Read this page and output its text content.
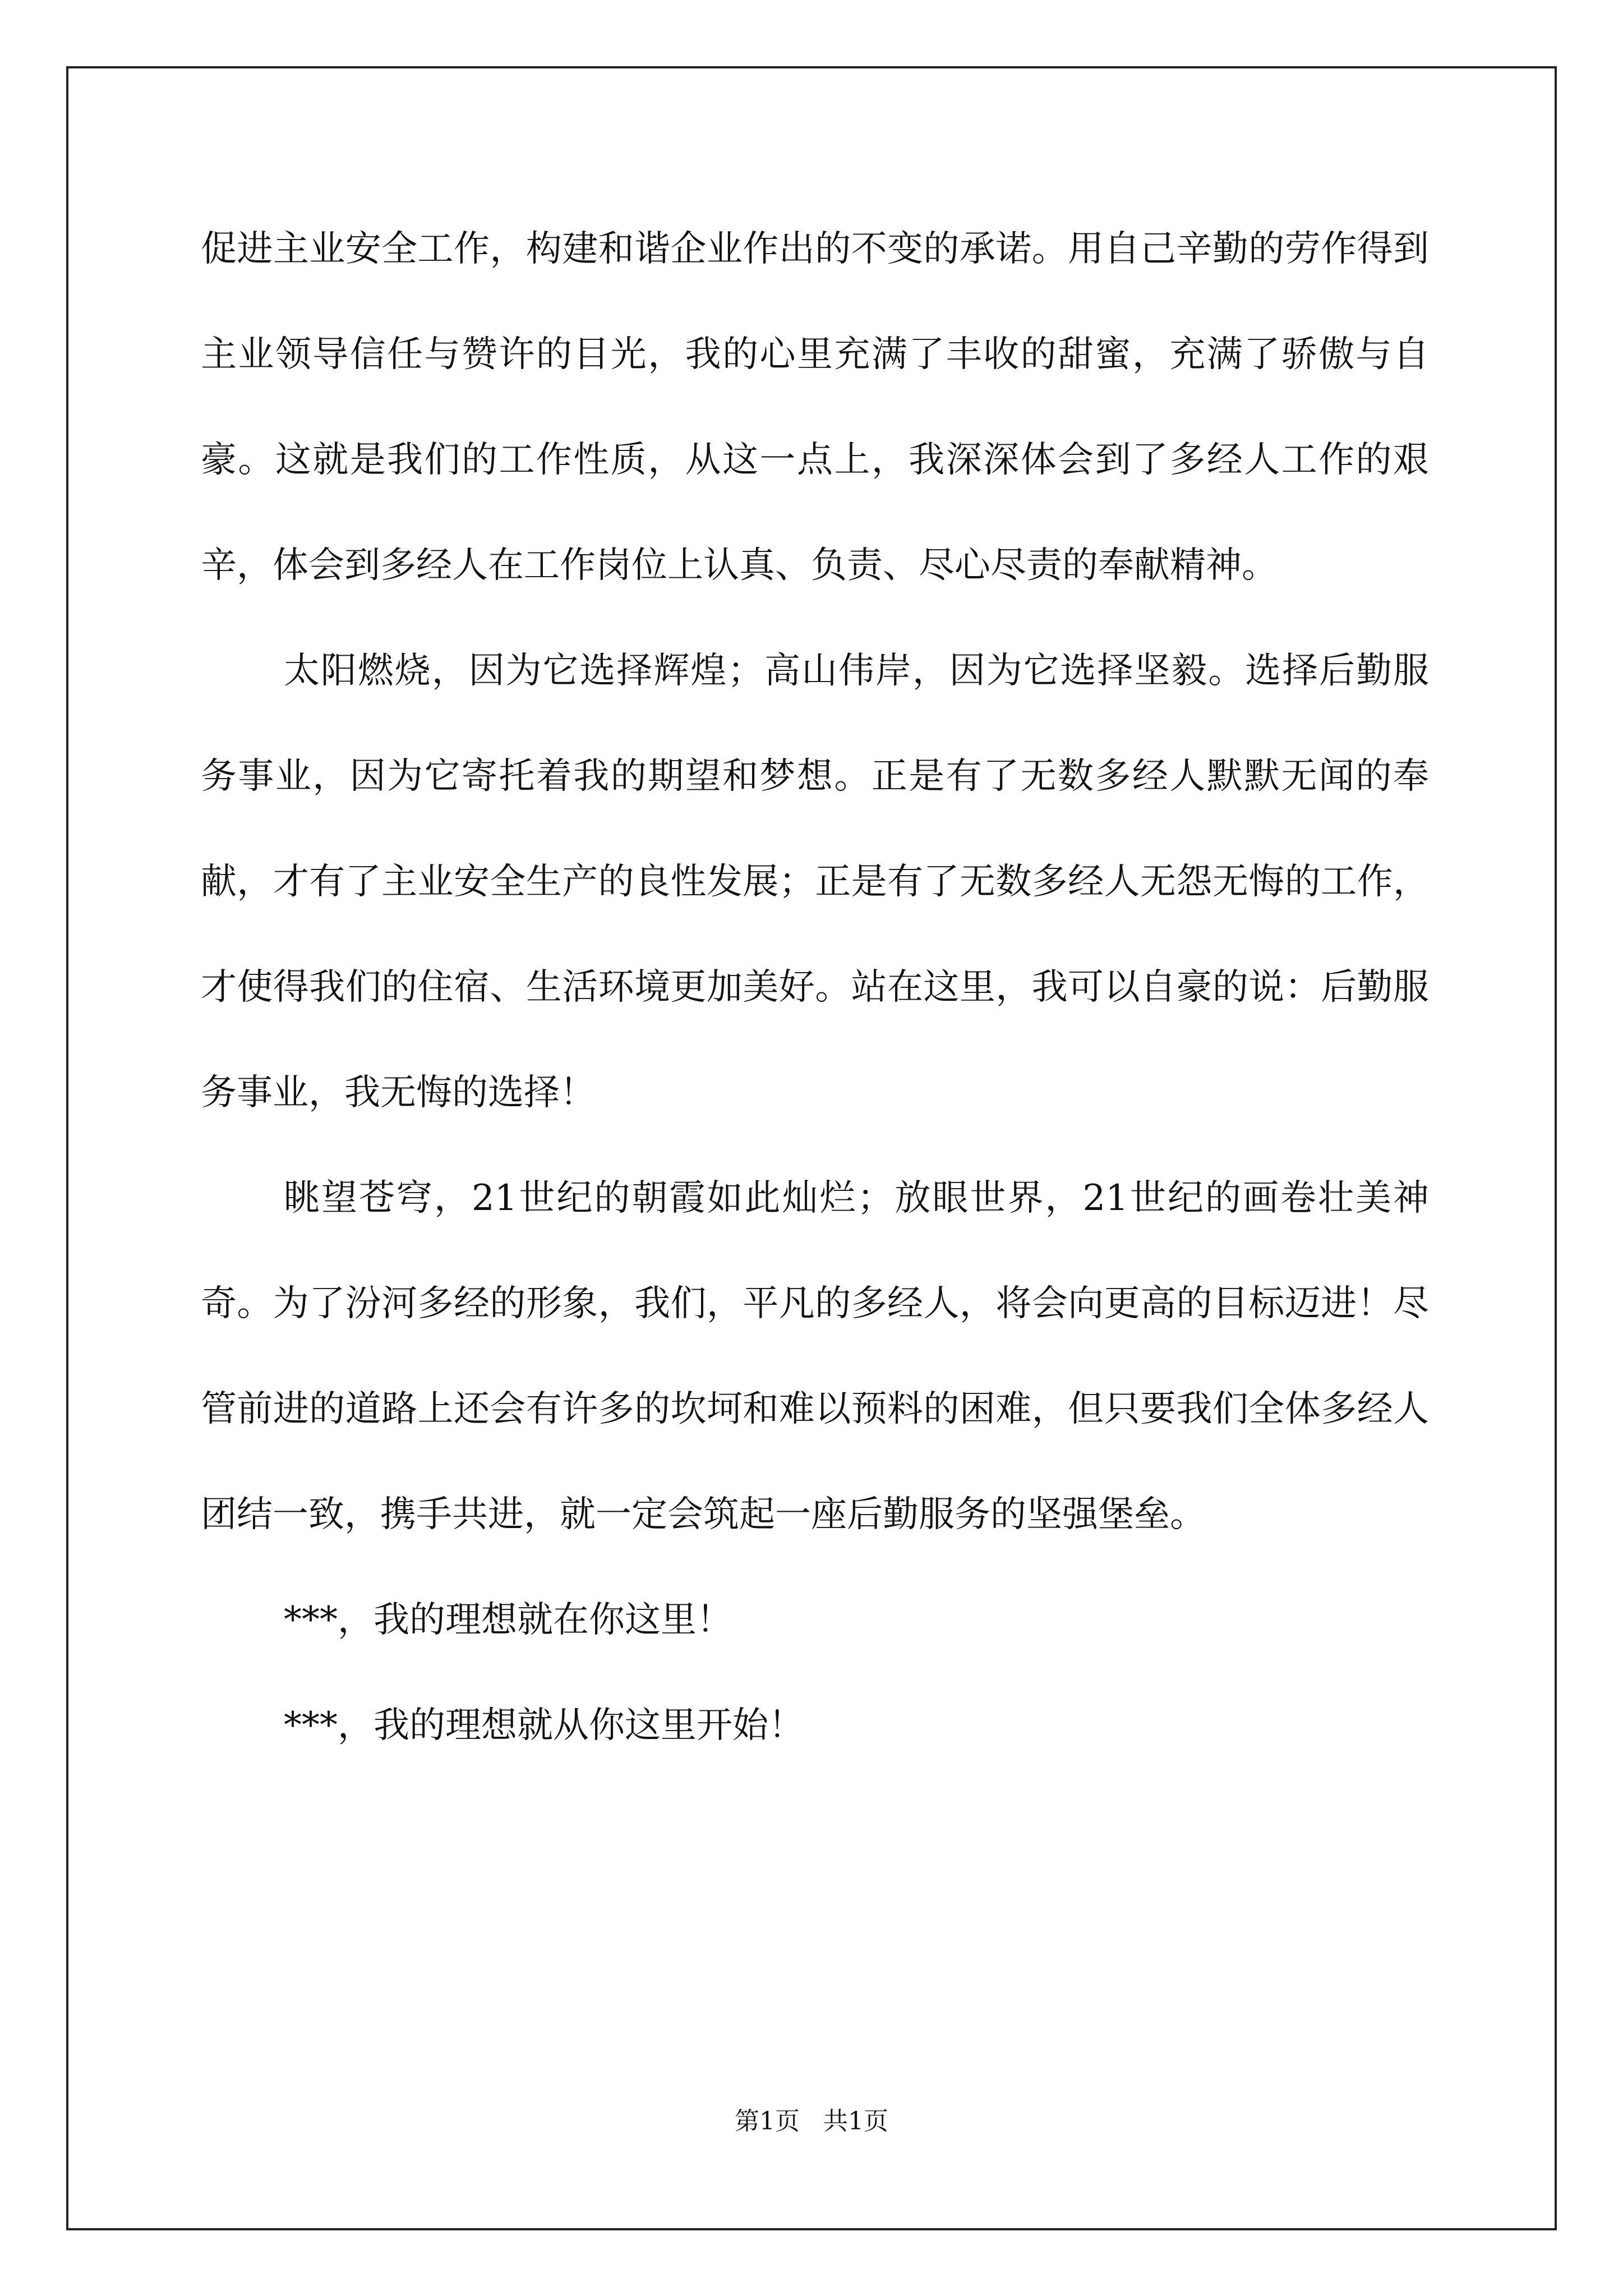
促进主业安全工作，构建和谐企业作出的不变的承诺。用自己辛勤的劳作得到主业领导信任与赞许的目光，我的心里充满了丰收的甜蜜，充满了骄傲与自豪。这就是我们的工作性质，从这一点上，我深深体会到了多经人工作的艰辛，体会到多经人在工作岗位上认真、负责、尽心尽责的奉献精神。

太阳燃烧，因为它选择辉煌；高山伟岸，因为它选择坚毅。选择后勤服务事业，因为它寄托着我的期望和梦想。正是有了无数多经人默默无闻的奉献，才有了主业安全生产的良性发展；正是有了无数多经人无怨无悔的工作，才使得我们的住宿、生活环境更加美好。站在这里，我可以自豪的说：后勤服务事业，我无悔的选择！

眺望苍穹，21世纪的朝霞如此灿烂；放眼世界，21世纪的画卷壮美神奇。为了汾河多经的形象，我们，平凡的多经人，将会向更高的目标迈进！尽管前进的道路上还会有许多的坎坷和难以预料的困难，但只要我们全体多经人团结一致，携手共进，就一定会筑起一座后勤服务的坚强堡垒。

***，我的理想就在你这里！

***，我的理想就从你这里开始！

第1页   共1页
